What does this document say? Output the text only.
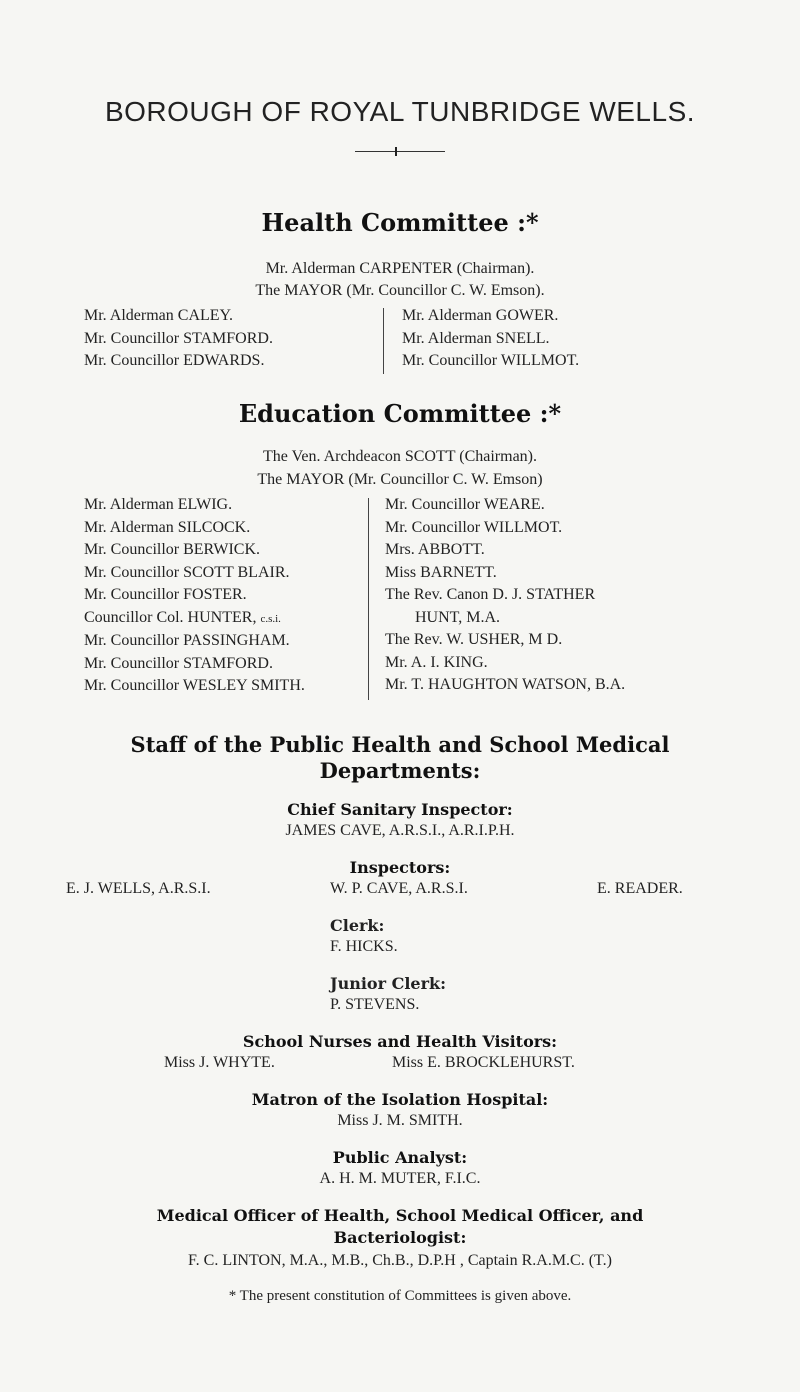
BOROUGH OF ROYAL TUNBRIDGE WELLS.
Health Committee :*
Mr. Alderman CARPENTER (Chairman).
The MAYOR (Mr. Councillor C. W. Emson).
Mr. Alderman CALEY.
Mr. Councillor STAMFORD.
Mr. Councillor EDWARDS.
Mr. Alderman GOWER.
Mr. Alderman SNELL.
Mr. Councillor WILLMOT.
Education Committee :*
The Ven. Archdeacon SCOTT (Chairman).
The MAYOR (Mr. Councillor C. W. Emson)
Mr. Alderman ELWIG.
Mr. Alderman SILCOCK.
Mr. Councillor BERWICK.
Mr. Councillor SCOTT BLAIR.
Mr. Councillor FOSTER.
Councillor Col. HUNTER, c.s.i.
Mr. Councillor PASSINGHAM.
Mr. Councillor STAMFORD.
Mr. Councillor WESLEY SMITH.
Mr. Councillor WEARE.
Mr. Councillor WILLMOT.
Mrs. ABBOTT.
Miss BARNETT.
The Rev. Canon D. J. STATHER
HUNT, M.A.
The Rev. W. USHER, M D.
Mr. A. I. KING.
Mr. T. HAUGHTON WATSON, B.A.
Staff of the Public Health and School Medical
Departments:
Chief Sanitary Inspector:
JAMES CAVE, A.R.S.I., A.R.I.P.H.
Inspectors:
E. J. WELLS, A.R.S.I.	W. P. CAVE, A.R.S.I.	E. READER.
Clerk:
F. HICKS.
Junior Clerk:
P. STEVENS.
School Nurses and Health Visitors:
Miss J. WHYTE.	Miss E. BROCKLEHURST.
Matron of the Isolation Hospital:
Miss J. M. SMITH.
Public Analyst:
A. H. M. MUTER, F.I.C.
Medical Officer of Health, School Medical Officer, and
Bacteriologist:
F. C. LINTON, M.A., M.B., Ch.B., D.P.H , Captain R.A.M.C. (T.)
* The present constitution of Committees is given above.
